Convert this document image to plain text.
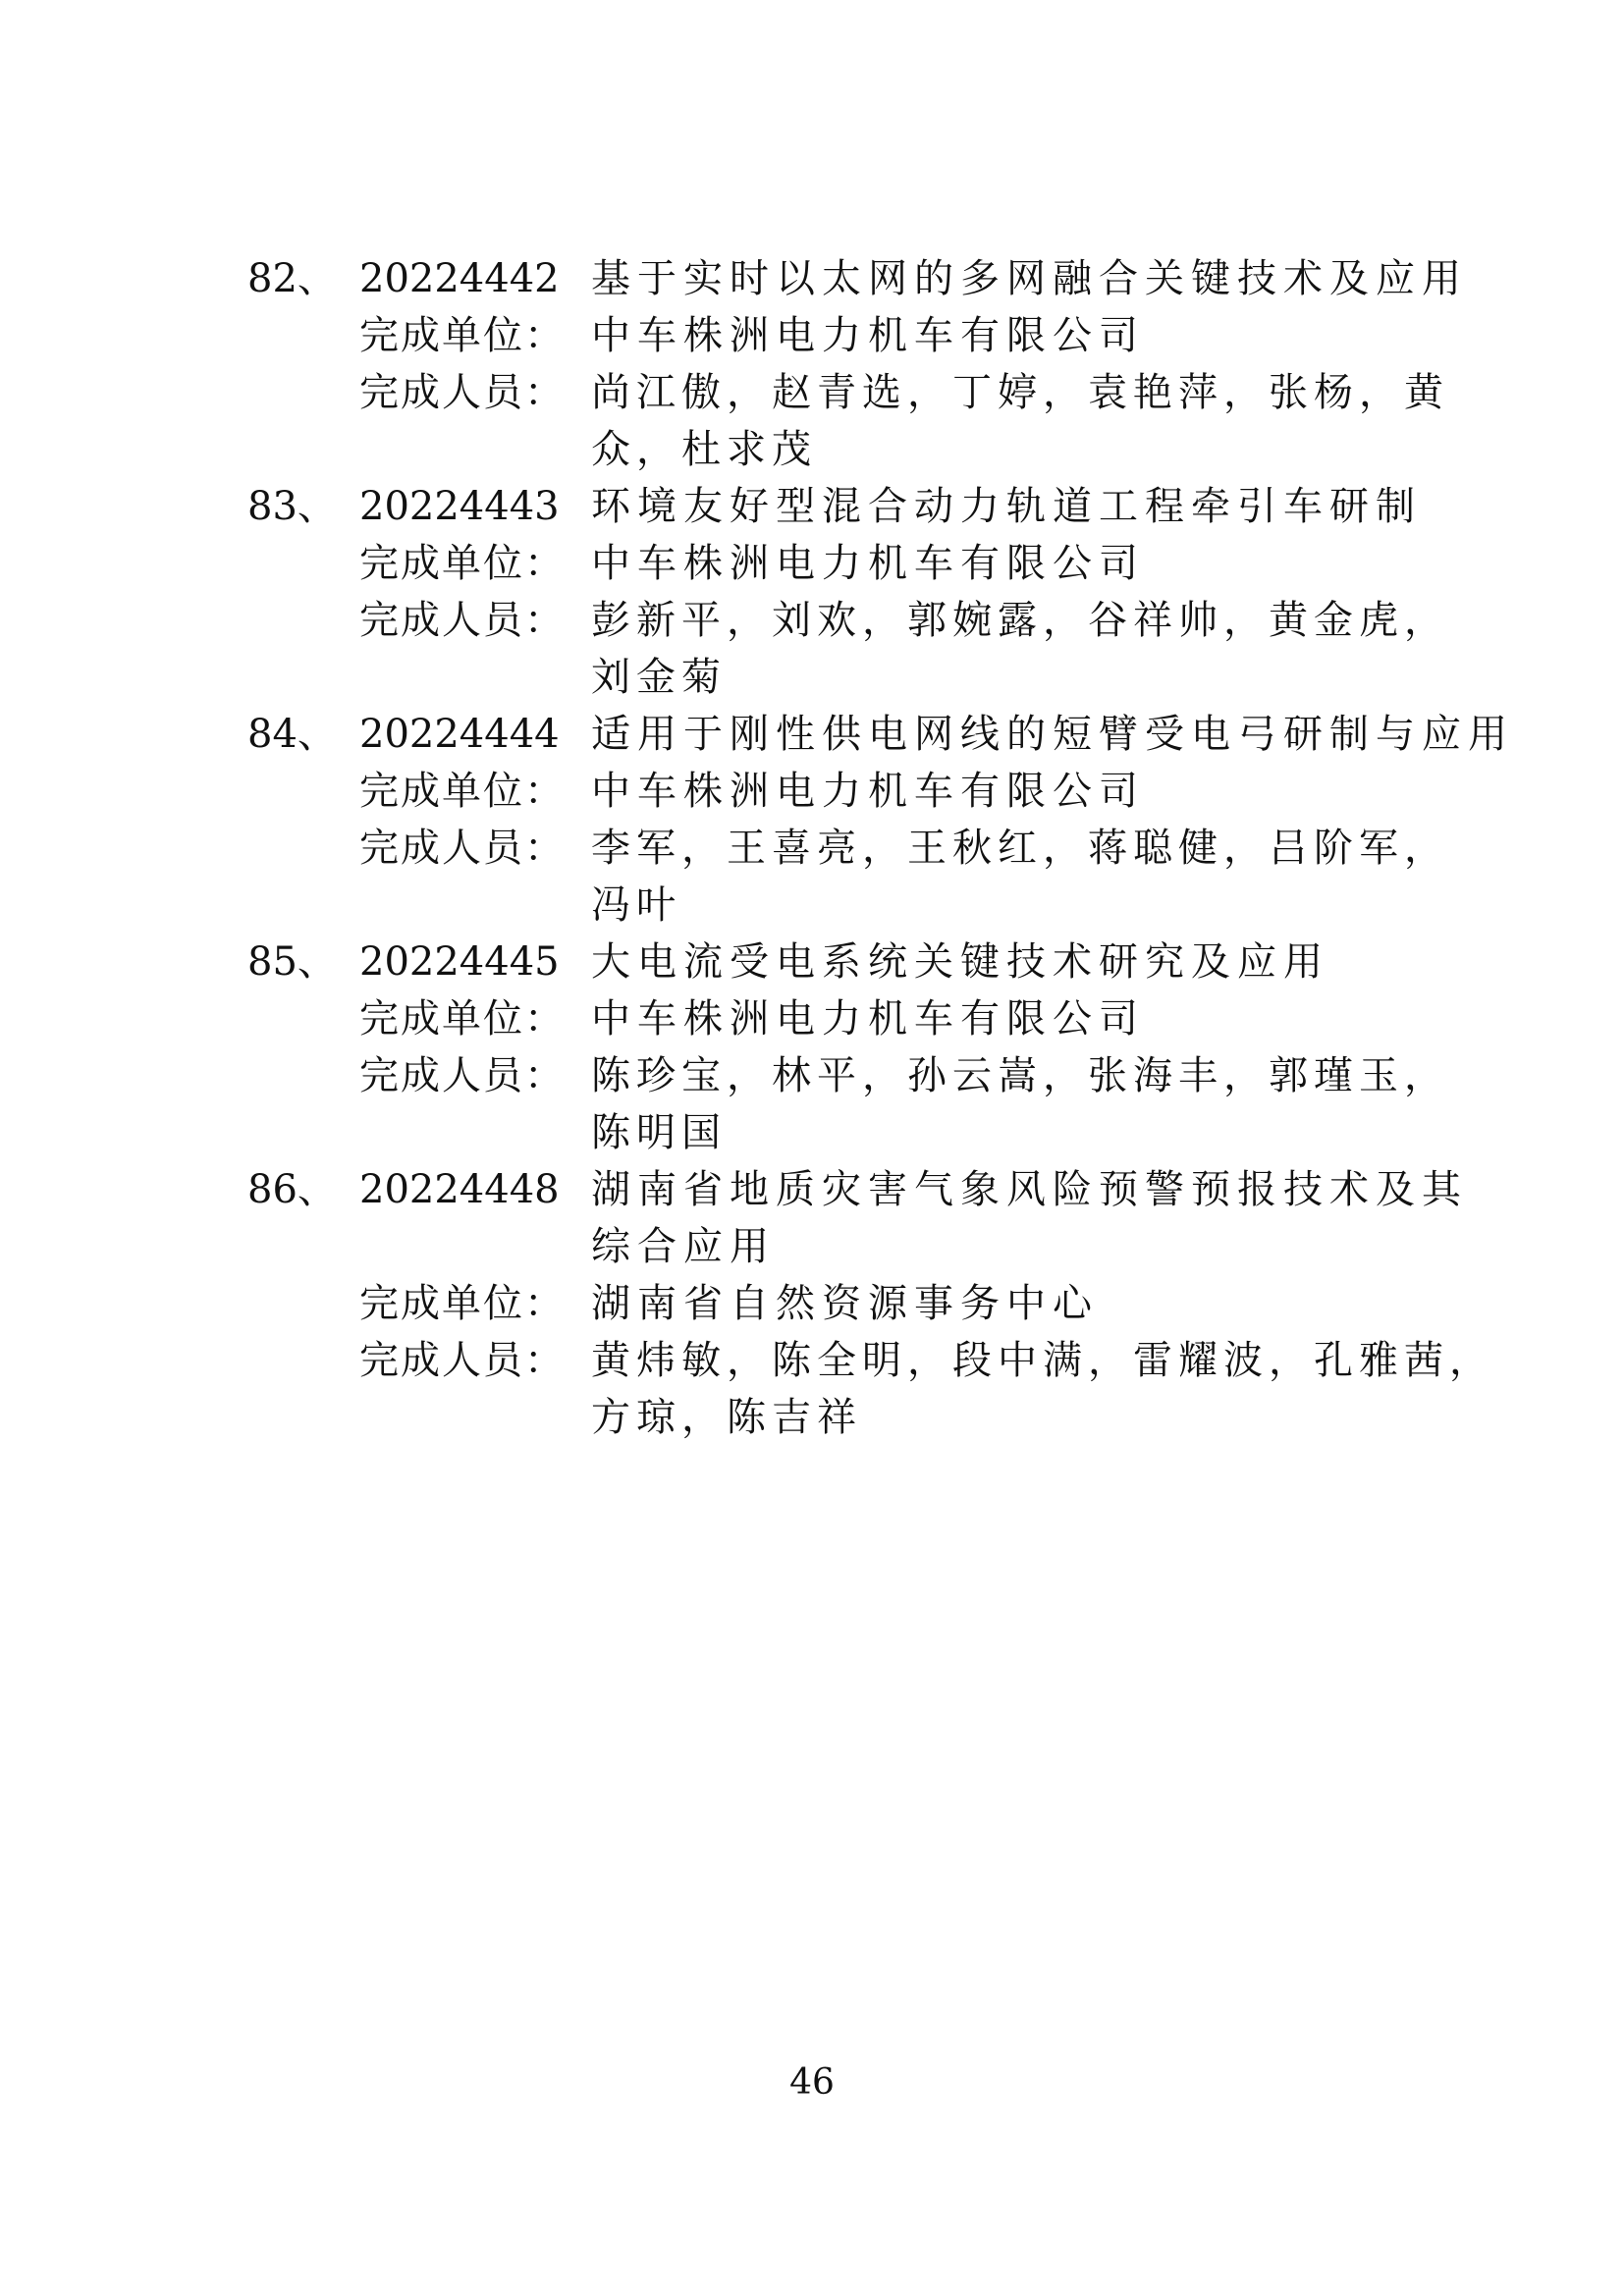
82、 20224442 基于实时以太网的多网融合关键技术及应用
完成单位： 中车株洲电力机车有限公司
完成人员： 尚江傲，赵青选，丁婷，袁艳萍，张杨，黄
众，杜求茂
83、 20224443 环境友好型混合动力轨道工程牵引车研制
完成单位： 中车株洲电力机车有限公司
完成人员： 彭新平，刘欢，郭婉露，谷祥帅，黄金虎，
刘金菊
84、 20224444 适用于刚性供电网线的短臂受电弓研制与应用
完成单位： 中车株洲电力机车有限公司
完成人员： 李军，王喜亮，王秋红，蒋聪健，吕阶军，
冯叶
85、 20224445 大电流受电系统关键技术研究及应用
完成单位： 中车株洲电力机车有限公司
完成人员： 陈珍宝，林平，孙云嵩，张海丰，郭瑾玉，
陈明国
86、 20224448 湖南省地质灾害气象风险预警预报技术及其
综合应用
完成单位： 湖南省自然资源事务中心
完成人员： 黄炜敏，陈全明，段中满，雷耀波，孔雅茜，
方琼，陈吉祥
46
